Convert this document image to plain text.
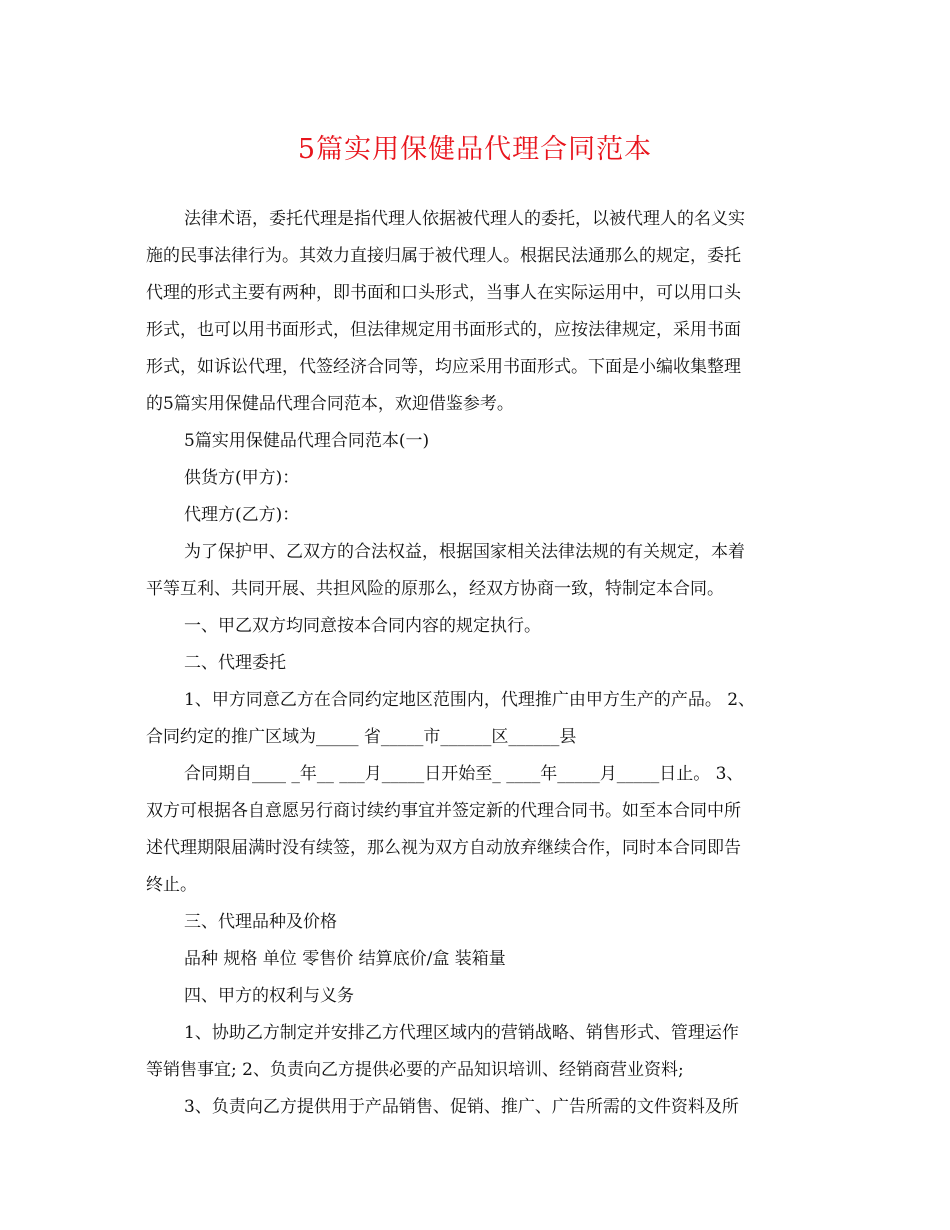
5篇实用保健品代理合同范本
法律术语，委托代理是指代理人依据被代理人的委托，以被代理人的名义实
施的民事法律行为。其效力直接归属于被代理人。根据民法通那么的规定，委托
代理的形式主要有两种，即书面和口头形式，当事人在实际运用中，可以用口头
形式，也可以用书面形式，但法律规定用书面形式的，应按法律规定，采用书面
形式，如诉讼代理，代签经济合同等，均应采用书面形式。下面是小编收集整理
的5篇实用保健品代理合同范本，欢迎借鉴参考。
5篇实用保健品代理合同范本(一)
供货方(甲方)：
代理方(乙方)：
为了保护甲、乙双方的合法权益，根据国家相关法律法规的有关规定，本着
平等互利、共同开展、共担风险的原那么，经双方协商一致，特制定本合同。
一、甲乙双方均同意按本合同内容的规定执行。
二、代理委托
1、甲方同意乙方在合同约定地区范围内，代理推广由甲方生产的产品。 2、
合同约定的推广区域为_____ 省_____市______区______县
合同期自____ _年__ ___月_____日开始至_ ____年_____月_____日止。 3、
双方可根据各自意愿另行商讨续约事宜并签定新的代理合同书。如至本合同中所
述代理期限届满时没有续签，那么视为双方自动放弃继续合作，同时本合同即告
终止。
三、代理品种及价格
品种 规格 单位 零售价 结算底价/盒 装箱量
四、甲方的权利与义务
1、协助乙方制定并安排乙方代理区域内的营销战略、销售形式、管理运作
等销售事宜; 2、负责向乙方提供必要的产品知识培训、经销商营业资料;
3、负责向乙方提供用于产品销售、促销、推广、广告所需的文件资料及所
